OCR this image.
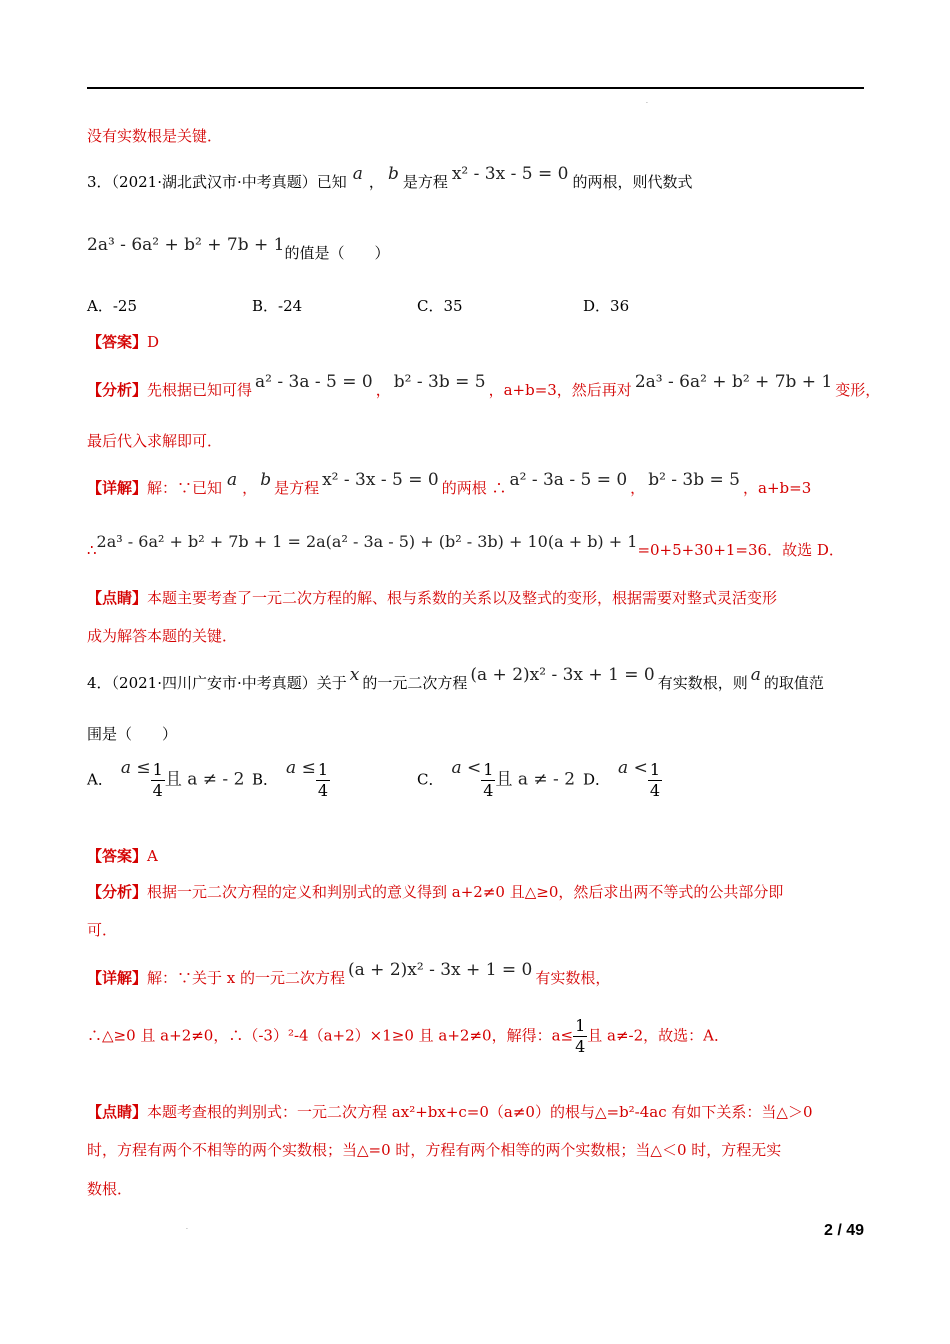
.
没有实数根是关键．
3．（2021·湖北武汉市·中考真题）已知 a ， b 是方程 x² - 3x - 5 = 0 的两根，则代数式
2a³ - 6a² + b² + 7b + 1的值是（　　）
A．-25	B．-24	C．35	D．36
【答案】D
【分析】先根据已知可得 a² - 3a - 5 = 0 ， b² - 3b = 5 ，a+b=3，然后再对 2a³ - 6a² + b² + 7b + 1 变形，
最后代入求解即可．
【详解】解：∵已知 a ， b 是方程 x² - 3x - 5 = 0 的两根 ∴ a² - 3a - 5 = 0 ， b² - 3b = 5 ，a+b=3
∴2a³ - 6a² + b² + 7b + 1 = 2a(a² - 3a - 5) + (b² - 3b) + 10(a + b) + 1=0+5+30+1=36．故选 D．
【点睛】本题主要考查了一元二次方程的解、根与系数的关系以及整式的变形，根据需要对整式灵活变形
成为解答本题的关键．
4．（2021·四川广安市·中考真题）关于 x 的一元二次方程 (a + 2)x² - 3x + 1 = 0 有实数根，则 a 的取值范
围是（　　）
A．$a \le \frac{1}{4}$ 且 a ≠ - 2 B．$a \le \frac{1}{4}$	C．$a < \frac{1}{4}$ 且 a ≠ - 2 D．$a < \frac{1}{4}$
【答案】A
【分析】根据一元二次方程的定义和判别式的意义得到 a+2≠0 且△≥0，然后求出两不等式的公共部分即
可．
【详解】解：∵关于 x 的一元二次方程 (a + 2)x² - 3x + 1 = 0 有实数根，
∴△≥0 且 a+2≠0，∴（-3）²-4（a+2）×1≥0 且 a+2≠0，解得：$a\le \frac{1}{4}$ 且 a≠-2，故选：A．
【点睛】本题考查根的判别式：一元二次方程 ax²+bx+c=0（a≠0）的根与△=b²-4ac 有如下关系：当△＞0
时，方程有两个不相等的两个实数根；当△=0 时，方程有两个相等的两个实数根；当△＜0 时，方程无实
数根．
.	2 / 49
